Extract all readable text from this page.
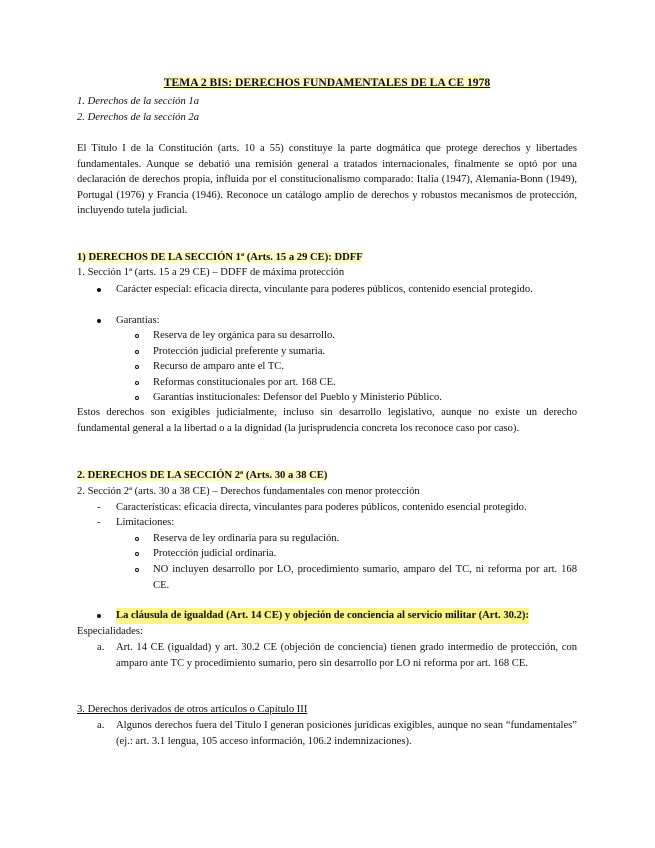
TEMA 2 BIS: DERECHOS FUNDAMENTALES DE LA CE 1978
1. Derechos de la sección 1a
2. Derechos de la sección 2a
El Título I de la Constitución (arts. 10 a 55) constituye la parte dogmática que protege derechos y libertades fundamentales. Aunque se debatió una remisión general a tratados internacionales, finalmente se optó por una declaración de derechos propia, influida por el constitucionalismo comparado: Italia (1947), Alemania-Bonn (1949), Portugal (1976) y Francia (1946). Reconoce un catálogo amplio de derechos y robustos mecanismos de protección, incluyendo tutela judicial.
1) DERECHOS DE LA SECCIÓN 1ª (Arts. 15 a 29 CE): DDFF
1. Sección 1ª (arts. 15 a 29 CE) – DDFF de máxima protección
Carácter especial: eficacia directa, vinculante para poderes públicos, contenido esencial protegido.
Garantías:
Reserva de ley orgánica para su desarrollo.
Protección judicial preferente y sumaria.
Recurso de amparo ante el TC.
Reformas constitucionales por art. 168 CE.
Garantías institucionales: Defensor del Pueblo y Ministerio Público.
Estos derechos son exigibles judicialmente, incluso sin desarrollo legislativo, aunque no existe un derecho fundamental general a la libertad o a la dignidad (la jurisprudencia concreta los reconoce caso por caso).
2. DERECHOS DE LA SECCIÓN 2ª (Arts. 30 a 38 CE)
2. Sección 2ª (arts. 30 a 38 CE) – Derechos fundamentales con menor protección
-	Características: eficacia directa, vinculantes para poderes públicos, contenido esencial protegido.
-	Limitaciones:
Reserva de ley ordinaria para su regulación.
Protección judicial ordinaria.
NO incluyen desarrollo por LO, procedimiento sumario, amparo del TC, ni reforma por art. 168 CE.
La cláusula de igualdad (Art. 14 CE) y objeción de conciencia al servicio militar (Art. 30.2):
Especialidades:
a.	Art. 14 CE (igualdad) y art. 30.2 CE (objeción de conciencia) tienen grado intermedio de protección, con amparo ante TC y procedimiento sumario, pero sin desarrollo por LO ni reforma por art. 168 CE.
3. Derechos derivados de otros artículos o Capítulo III
a.	Algunos derechos fuera del Título I generan posiciones jurídicas exigibles, aunque no sean “fundamentales” (ej.: art. 3.1 lengua, 105 acceso información, 106.2 indemnizaciones).
